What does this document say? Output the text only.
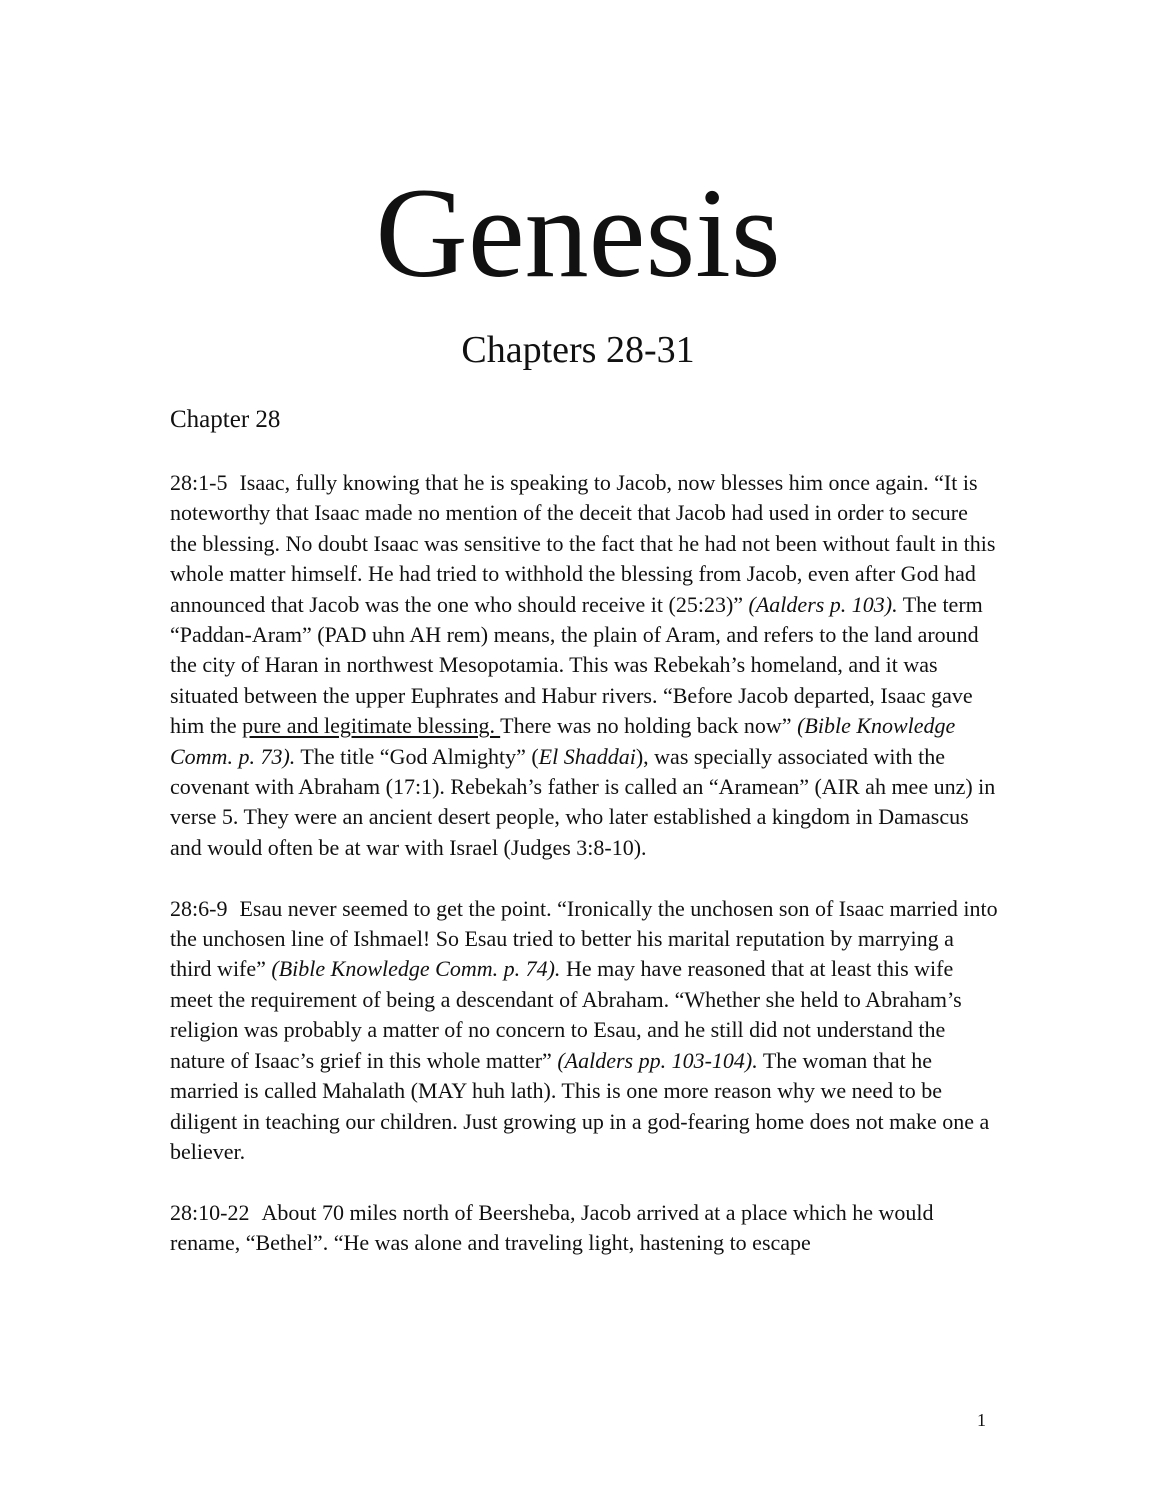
Genesis
Chapters 28-31
Chapter 28

28:1-5 Isaac, fully knowing that he is speaking to Jacob, now blesses him once again. “It is noteworthy that Isaac made no mention of the deceit that Jacob had used in order to secure the blessing. No doubt Isaac was sensitive to the fact that he had not been without fault in this whole matter himself. He had tried to withhold the blessing from Jacob, even after God had announced that Jacob was the one who should receive it (25:23)” (Aalders p. 103). The term “Paddan-Aram” (PAD uhn AH rem) means, the plain of Aram, and refers to the land around the city of Haran in northwest Mesopotamia. This was Rebekah’s homeland, and it was situated between the upper Euphrates and Habur rivers. “Before Jacob departed, Isaac gave him the pure and legitimate blessing. There was no holding back now” (Bible Knowledge Comm. p. 73). The title “God Almighty” (El Shaddai), was specially associated with the covenant with Abraham (17:1). Rebekah’s father is called an “Aramean” (AIR ah mee unz) in verse 5. They were an ancient desert people, who later established a kingdom in Damascus and would often be at war with Israel (Judges 3:8-10).

28:6-9 Esau never seemed to get the point. “Ironically the unchosen son of Isaac married into the unchosen line of Ishmael! So Esau tried to better his marital reputation by marrying a third wife” (Bible Knowledge Comm. p. 74). He may have reasoned that at least this wife meet the requirement of being a descendant of Abraham. “Whether she held to Abraham’s religion was probably a matter of no concern to Esau, and he still did not understand the nature of Isaac’s grief in this whole matter” (Aalders pp. 103-104). The woman that he married is called Mahalath (MAY huh lath). This is one more reason why we need to be diligent in teaching our children. Just growing up in a god-fearing home does not make one a believer.

28:10-22 About 70 miles north of Beersheba, Jacob arrived at a place which he would rename, “Bethel”. “He was alone and traveling light, hastening to escape

1
